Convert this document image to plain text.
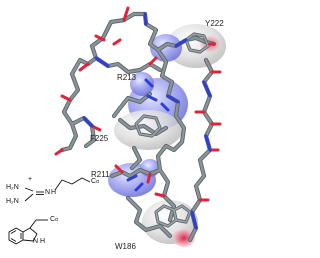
Y222
R213
F225
R211
W186
+
H₂N
H₂N
N H
Cα
Cα
N H
